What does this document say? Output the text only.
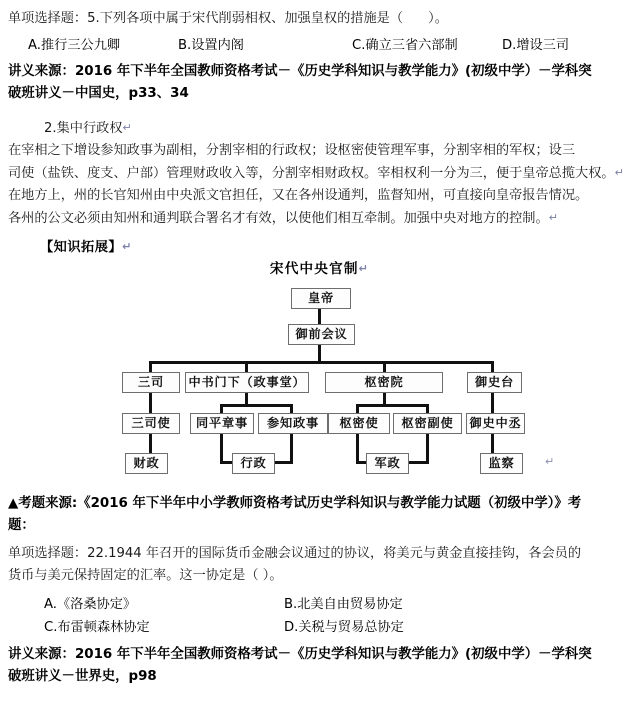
单项选择题：5.下列各项中属于宋代削弱相权、加强皇权的措施是（      ）。
A.推行三公九卿	B.设置内阁	C.确立三省六部制	D.增设三司
讲义来源：2016 年下半年全国教师资格考试－《历史学科知识与教学能力》(初级中学）－学科突
破班讲义－中国史，p33、34
2.集中行政权↵
在宰相之下增设参知政事为副相，分割宰相的行政权；设枢密使管理军事，分割宰相的军权；设三
司使（盐铁、度支、户部）管理财政收入等，分割宰相财政权。宰相权利一分为三，便于皇帝总揽大权。↵
在地方上，州的长官知州由中央派文官担任，又在各州设通判，监督知州，可直接向皇帝报告情况。
各州的公文必须由知州和通判联合署名才有效，以使他们相互牵制。加强中央对地方的控制。↵
【知识拓展】↵
宋代中央官制↵
皇帝
御前会议
三司	中书门下（政事堂）	枢密院	御史台
三司使	同平章事	参知政事	枢密使	枢密副使	御史中丞
财政	行政	军政	监察	↵
▲考题来源:《2016 年下半年中小学教师资格考试历史学科知识与教学能力试题（初级中学）》考
题：
单项选择题：22.1944 年召开的国际货币金融会议通过的协议，将美元与黄金直接挂钩，各会员的
货币与美元保持固定的汇率。这一协定是（ ）。
A.《洛桑协定》	B.北美自由贸易协定
C.布雷顿森林协定	D.关税与贸易总协定
讲义来源：2016 年下半年全国教师资格考试－《历史学科知识与教学能力》(初级中学）－学科突
破班讲义－世界史，p98
